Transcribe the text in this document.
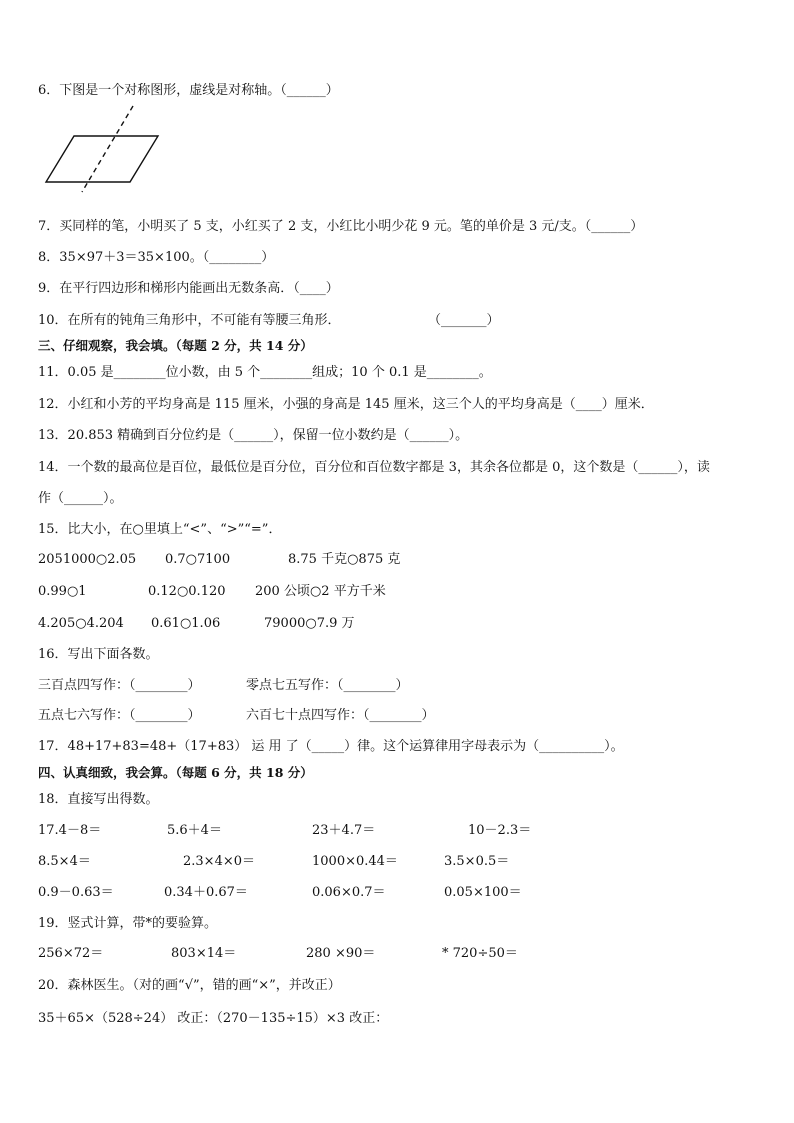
6．下图是一个对称图形，虚线是对称轴。（______）
7．买同样的笔，小明买了 5 支，小红买了 2 支，小红比小明少花 9 元。笔的单价是 3 元/支。（______）
8．35×97＋3＝35×100。（________）
9．在平行四边形和梯形内能画出无数条高．（____）
10．在所有的钝角三角形中，不可能有等腰三角形．	（_______）
三、仔细观察，我会填。（每题 2 分，共 14 分）
11．0.05 是________位小数，由 5 个________组成；10 个 0.1 是________。
12．小红和小芳的平均身高是 115 厘米，小强的身高是 145 厘米，这三个人的平均身高是（____）厘米．
13．20.853 精确到百分位约是（______），保留一位小数约是（______）。
14．一个数的最高位是百位，最低位是百分位，百分位和百位数字都是 3，其余各位都是 0，这个数是（______），读
作（______）。
15．比大小，在○里填上“<”、“>”“=”．
2051000○2.05 0.7○7100	8.75 千克○875 克
0.99○1	0.12○0.120 200 公顷○2 平方千米
4.205○4.204 0.61○1.06	79000○7.9 万
16．写出下面各数。
三百点四写作：（________）	零点七五写作：（________）
五点七六写作：（________）	六百七十点四写作：（________）
17．48+17+83=48+（17+83） 运 用 了（_____）律。这个运算律用字母表示为（__________）。
四、认真细致，我会算。（每题 6 分，共 18 分）
18．直接写出得数。
17.4－8＝	5.6＋4＝	23＋4.7＝	10－2.3＝
8.5×4＝	2.3×4×0＝	1000×0.44＝	3.5×0.5＝
0.9－0.63＝	0.34＋0.67＝	0.06×0.7＝	0.05×100＝
19．竖式计算，带*的要验算。
256×72＝	803×14＝	280 ×90＝	* 720÷50＝
20．森林医生。（对的画“√”，错的画“×”，并改正）
35＋65×（528÷24） 改正：（270－135÷15）×3 改正：
